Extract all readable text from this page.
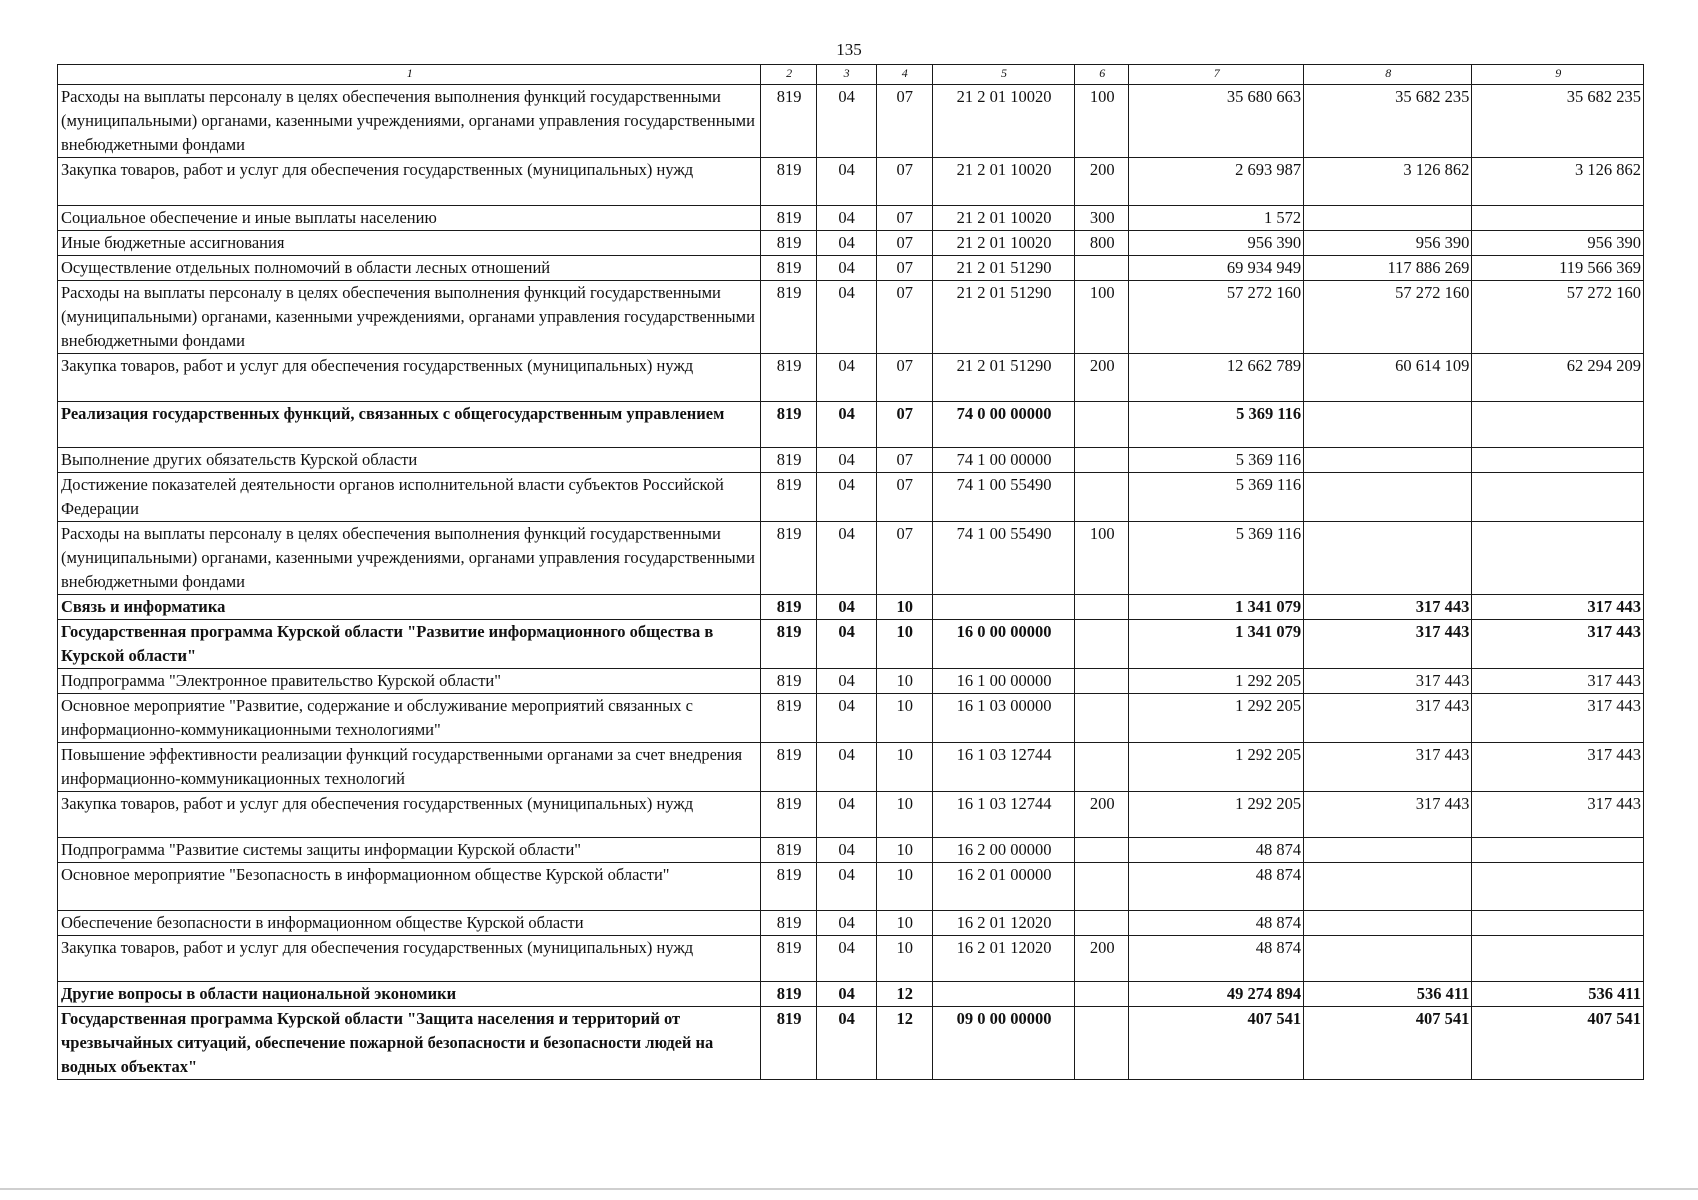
135
1	2	3	4	5	6	7	8	9
Расходы на выплаты персоналу в целях обеспечения выполнения функций государственными (муниципальными) органами, казенными учреждениями, органами управления государственными внебюджетными фондами	819	04	07	21 2 01 10020	100	35 680 663	35 682 235	35 682 235
Закупка товаров, работ и услуг для обеспечения государственных (муниципальных) нужд	819	04	07	21 2 01 10020	200	2 693 987	3 126 862	3 126 862
Социальное обеспечение и иные выплаты населению	819	04	07	21 2 01 10020	300	1 572		
Иные бюджетные ассигнования	819	04	07	21 2 01 10020	800	956 390	956 390	956 390
Осуществление отдельных полномочий в области лесных отношений	819	04	07	21 2 01 51290		69 934 949	117 886 269	119 566 369
Расходы на выплаты персоналу в целях обеспечения выполнения функций государственными (муниципальными) органами, казенными учреждениями, органами управления государственными внебюджетными фондами	819	04	07	21 2 01 51290	100	57 272 160	57 272 160	57 272 160
Закупка товаров, работ и услуг для обеспечения государственных (муниципальных) нужд	819	04	07	21 2 01 51290	200	12 662 789	60 614 109	62 294 209
Реализация государственных функций, связанных с общегосударственным управлением	819	04	07	74 0 00 00000		5 369 116		
Выполнение других обязательств Курской области	819	04	07	74 1 00 00000		5 369 116		
Достижение показателей деятельности органов исполнительной власти субъектов Российской Федерации	819	04	07	74 1 00 55490		5 369 116		
Расходы на выплаты персоналу в целях обеспечения выполнения функций государственными (муниципальными) органами, казенными учреждениями, органами управления государственными внебюджетными фондами	819	04	07	74 1 00 55490	100	5 369 116		
Связь и информатика	819	04	10			1 341 079	317 443	317 443
Государственная программа Курской области "Развитие информационного общества в Курской области"	819	04	10	16 0 00 00000		1 341 079	317 443	317 443
Подпрограмма "Электронное правительство Курской области"	819	04	10	16 1 00 00000		1 292 205	317 443	317 443
Основное мероприятие "Развитие, содержание и обслуживание мероприятий связанных с информационно-коммуникационными технологиями"	819	04	10	16 1 03 00000		1 292 205	317 443	317 443
Повышение эффективности реализации функций государственными органами за счет внедрения информационно-коммуникационных технологий	819	04	10	16 1 03 12744		1 292 205	317 443	317 443
Закупка товаров, работ и услуг для обеспечения государственных (муниципальных) нужд	819	04	10	16 1 03 12744	200	1 292 205	317 443	317 443
Подпрограмма "Развитие системы защиты информации Курской области"	819	04	10	16 2 00 00000		48 874		
Основное мероприятие "Безопасность в информационном обществе Курской области"	819	04	10	16 2 01 00000		48 874		
Обеспечение безопасности в информационном обществе Курской области	819	04	10	16 2 01 12020		48 874		
Закупка товаров, работ и услуг для обеспечения государственных (муниципальных) нужд	819	04	10	16 2 01 12020	200	48 874		
Другие вопросы в области национальной экономики	819	04	12			49 274 894	536 411	536 411
Государственная программа Курской области "Защита населения и территорий от чрезвычайных ситуаций, обеспечение пожарной безопасности и безопасности людей на водных объектах"	819	04	12	09 0 00 00000		407 541	407 541	407 541
